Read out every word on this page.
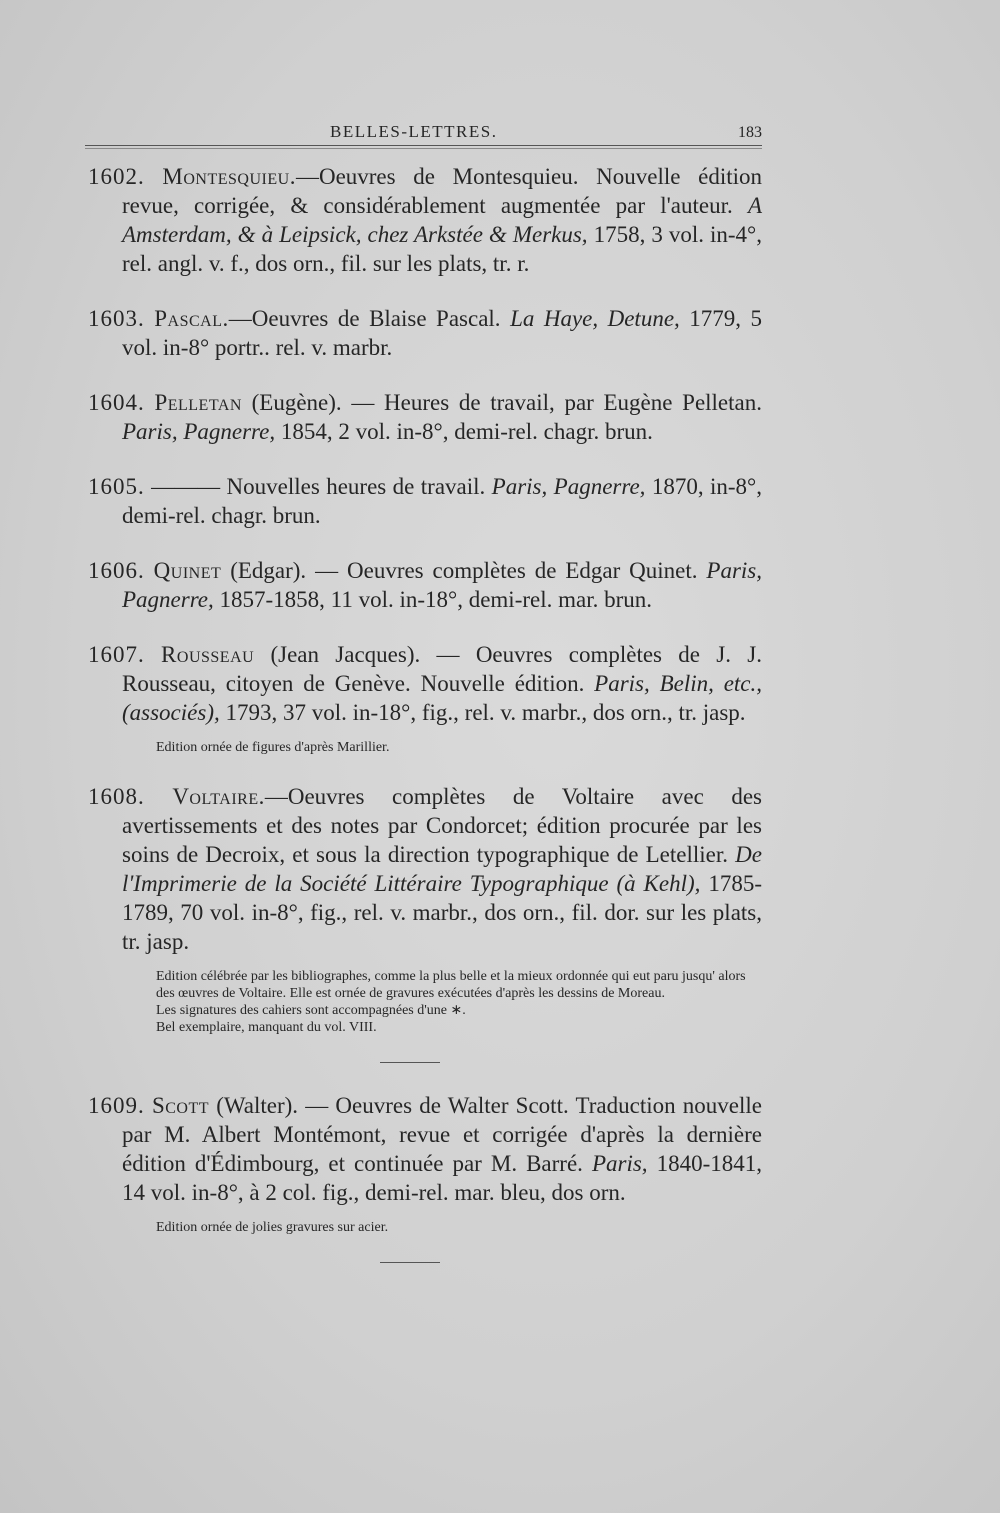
BELLES-LETTRES.	183

1602. Montesquieu.—Oeuvres de Montesquieu. Nouvelle édition revue, corrigée, & considérablement augmentée par l'auteur. A Amsterdam, & à Leipsick, chez Arkstée & Merkus, 1758, 3 vol. in-4°, rel. angl. v. f., dos orn., fil. sur les plats, tr. r.

1603. Pascal.—Oeuvres de Blaise Pascal. La Haye, Detune, 1779, 5 vol. in-8° portr.. rel. v. marbr.

1604. Pelletan (Eugène). — Heures de travail, par Eugène Pelletan. Paris, Pagnerre, 1854, 2 vol. in-8°, demi-rel. chagr. brun.

1605. ——— Nouvelles heures de travail. Paris, Pagnerre, 1870, in-8°, demi-rel. chagr. brun.

1606. Quinet (Edgar). — Oeuvres complètes de Edgar Quinet. Paris, Pagnerre, 1857-1858, 11 vol. in-18°, demi-rel. mar. brun.

1607. Rousseau (Jean Jacques). — Oeuvres complètes de J. J. Rousseau, citoyen de Genève. Nouvelle édition. Paris, Belin, etc., (associés), 1793, 37 vol. in-18°, fig., rel. v. marbr., dos orn., tr. jasp.

Edition ornée de figures d'après Marillier.

1608. Voltaire.—Oeuvres complètes de Voltaire avec des avertissements et des notes par Condorcet; édition procurée par les soins de Decroix, et sous la direction typographique de Letellier. De l'Imprimerie de la Société Littéraire Typographique (à Kehl), 1785-1789, 70 vol. in-8°, fig., rel. v. marbr., dos orn., fil. dor. sur les plats, tr. jasp.

Edition célébrée par les bibliographes, comme la plus belle et la mieux ordonnée qui eut paru jusqu' alors des œuvres de Voltaire. Elle est ornée de gravures exécutées d'après les dessins de Moreau.

Les signatures des cahiers sont accompagnées d'une ∗.

Bel exemplaire, manquant du vol. VIII.

1609. Scott (Walter). — Oeuvres de Walter Scott. Traduction nouvelle par M. Albert Montémont, revue et corrigée d'après la dernière édition d'Édimbourg, et continuée par M. Barré. Paris, 1840-1841, 14 vol. in-8°, à 2 col. fig., demi-rel. mar. bleu, dos orn.

Edition ornée de jolies gravures sur acier.
